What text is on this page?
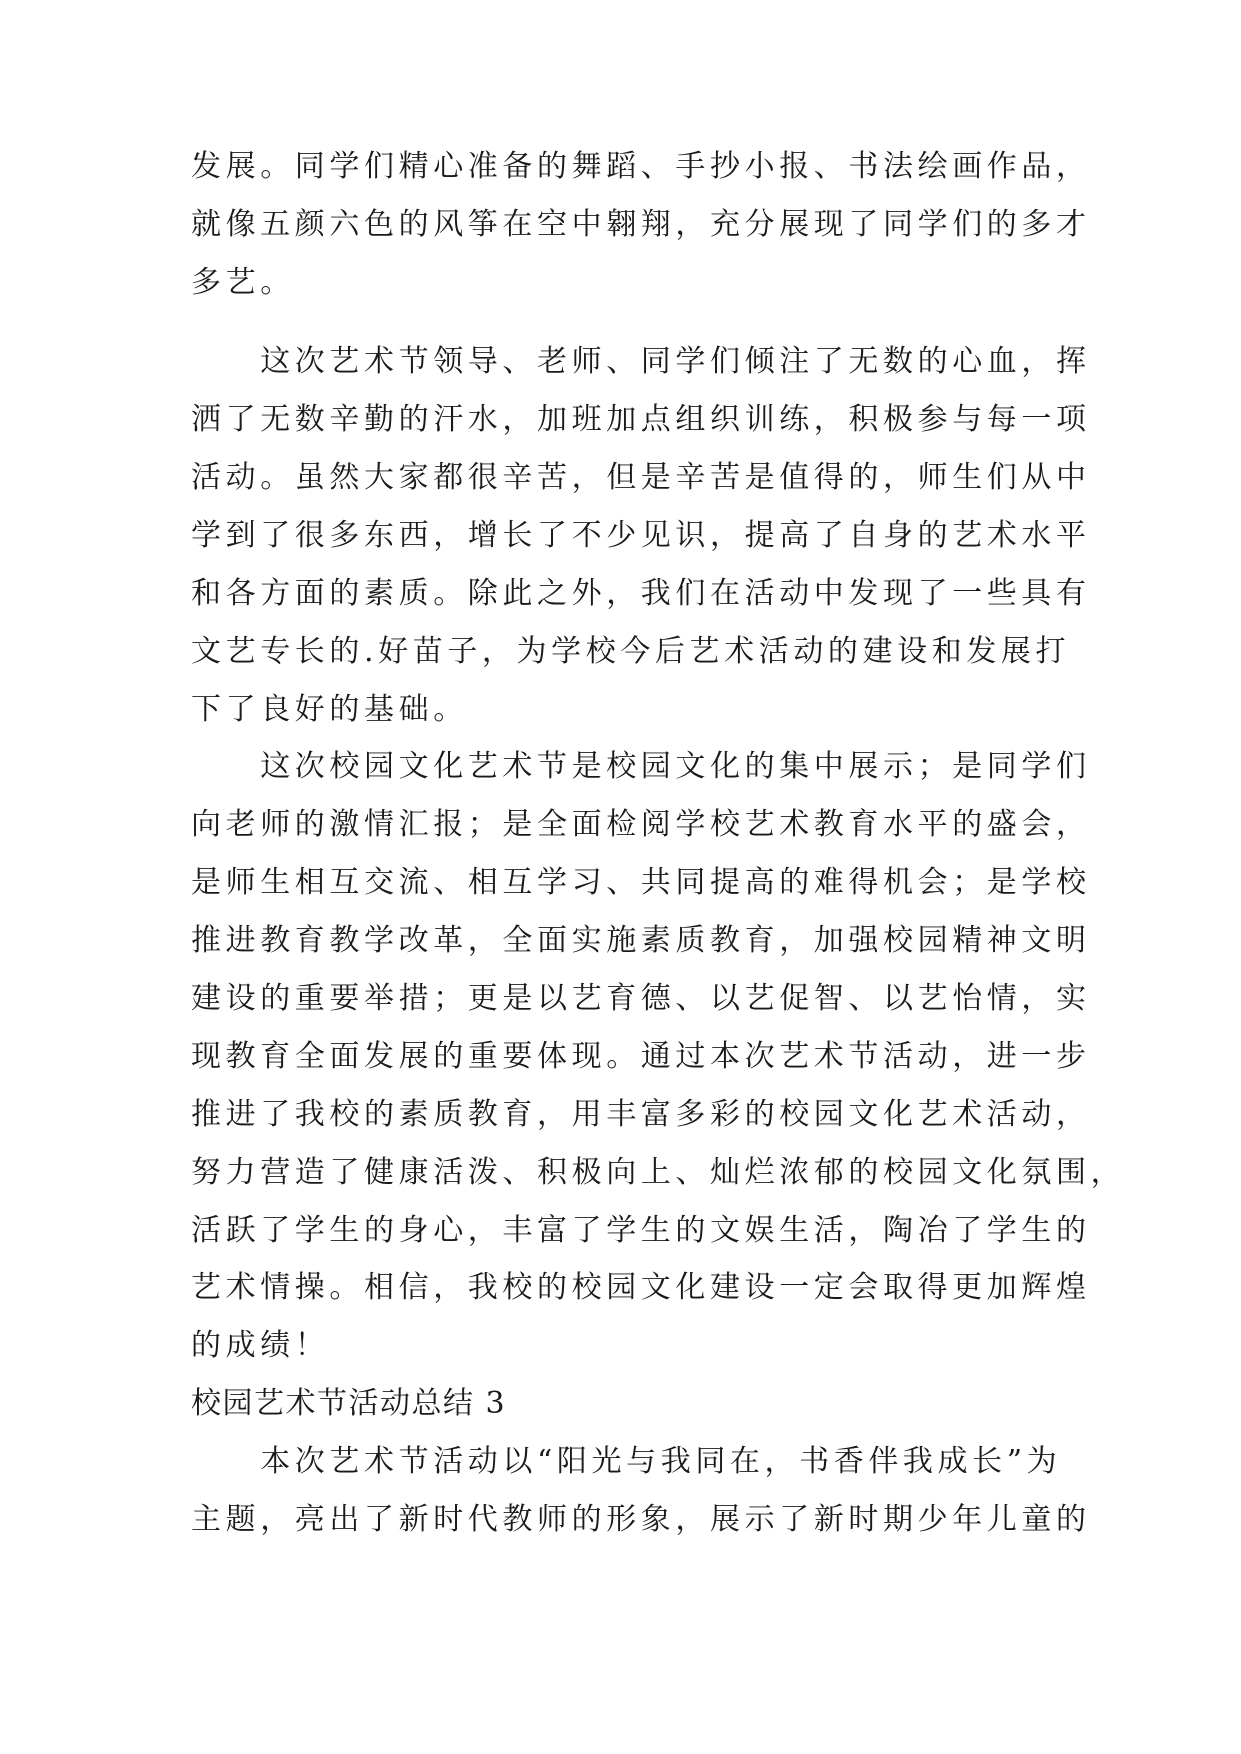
发展。同学们精心准备的舞蹈、手抄小报、书法绘画作品，
就像五颜六色的风筝在空中翱翔，充分展现了同学们的多才
多艺。
　　这次艺术节领导、老师、同学们倾注了无数的心血，挥
洒了无数辛勤的汗水，加班加点组织训练，积极参与每一项
活动。虽然大家都很辛苦，但是辛苦是值得的，师生们从中
学到了很多东西，增长了不少见识，提高了自身的艺术水平
和各方面的素质。除此之外，我们在活动中发现了一些具有
文艺专长的.好苗子，为学校今后艺术活动的建设和发展打
下了良好的基础。
　　这次校园文化艺术节是校园文化的集中展示；是同学们
向老师的激情汇报；是全面检阅学校艺术教育水平的盛会，
是师生相互交流、相互学习、共同提高的难得机会；是学校
推进教育教学改革，全面实施素质教育，加强校园精神文明
建设的重要举措；更是以艺育德、以艺促智、以艺怡情，实
现教育全面发展的重要体现。通过本次艺术节活动，进一步
推进了我校的素质教育，用丰富多彩的校园文化艺术活动，
努力营造了健康活泼、积极向上、灿烂浓郁的校园文化氛围，
活跃了学生的身心，丰富了学生的文娱生活，陶冶了学生的
艺术情操。相信，我校的校园文化建设一定会取得更加辉煌
的成绩！
校园艺术节活动总结 3
　　本次艺术节活动以“阳光与我同在，书香伴我成长”为
主题，亮出了新时代教师的形象，展示了新时期少年儿童的
